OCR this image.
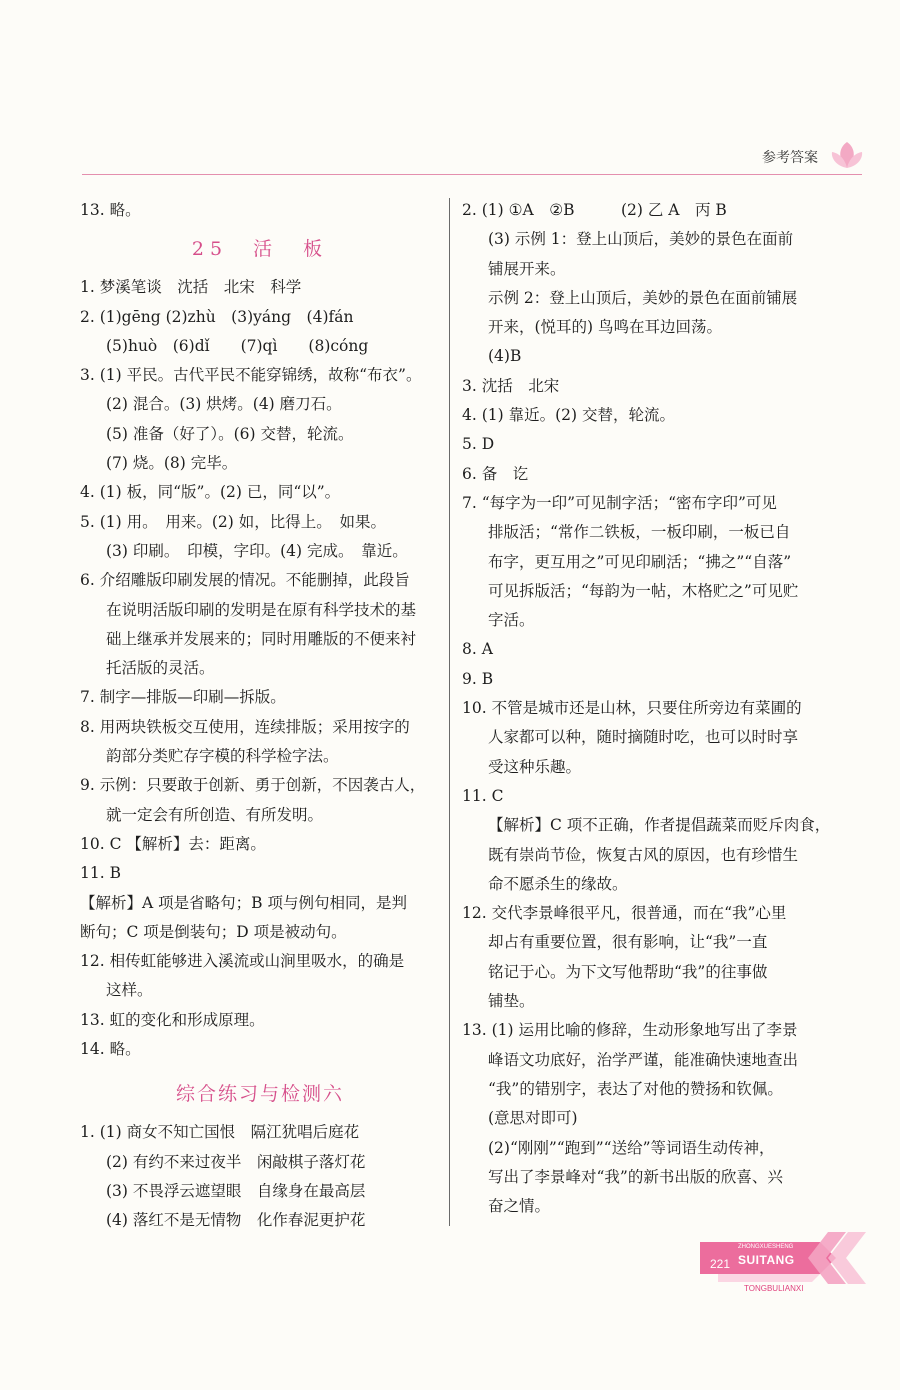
参考答案
13. 略。
25　活　板
1. 梦溪笔谈　沈括　北宋　科学
2. (1)gēng (2)zhù　(3)yáng　(4)fán
(5)huò　(6)dǐ　　(7)qì　　(8)cóng
3. (1) 平民。古代平民不能穿锦绣，故称“布衣”。
(2) 混合。(3) 烘烤。(4) 磨刀石。
(5) 准备（好了）。(6) 交替，轮流。
(7) 烧。(8) 完毕。
4. (1) 板，同“版”。(2) 已，同“以”。
5. (1) 用。　用来。(2) 如，比得上。　如果。
(3) 印刷。　印模，字印。(4) 完成。　靠近。
6. 介绍雕版印刷发展的情况。不能删掉，此段旨
在说明活版印刷的发明是在原有科学技术的基
础上继承并发展来的；同时用雕版的不便来衬
托活版的灵活。
7. 制字—排版—印刷—拆版。
8. 用两块铁板交互使用，连续排版；采用按字的
韵部分类贮存字模的科学检字法。
9. 示例：只要敢于创新、勇于创新，不因袭古人，
就一定会有所创造、有所发明。
10. C 【解析】去：距离。
11. B
【解析】A 项是省略句；B 项与例句相同，是判
断句；C 项是倒装句；D 项是被动句。
12. 相传虹能够进入溪流或山涧里吸水，的确是
这样。
13. 虹的变化和形成原理。
14. 略。
综合练习与检测六
1. (1) 商女不知亡国恨　隔江犹唱后庭花
(2) 有约不来过夜半　闲敲棋子落灯花
(3) 不畏浮云遮望眼　自缘身在最高层
(4) 落红不是无情物　化作春泥更护花
2. (1) ①A　②B　　　(2) 乙 A　丙 B
(3) 示例 1：登上山顶后，美妙的景色在面前
铺展开来。
示例 2：登上山顶后，美妙的景色在面前铺展
开来，(悦耳的) 鸟鸣在耳边回荡。
(4)B
3. 沈括　北宋
4. (1) 靠近。(2) 交替，轮流。
5. D
6. 备　讫
7. “每字为一印”可见制字活；“密布字印”可见
排版活；“常作二铁板，一板印刷，一板已自
布字，更互用之”可见印刷活；“拂之”“自落”
可见拆版活；“每韵为一帖，木格贮之”可见贮
字活。
8. A
9. B
10. 不管是城市还是山林，只要住所旁边有菜圃的
人家都可以种，随时摘随时吃，也可以时时享
受这种乐趣。
11. C
【解析】C 项不正确，作者提倡蔬菜而贬斥肉食，
既有崇尚节俭，恢复古风的原因，也有珍惜生
命不愿杀生的缘故。
12. 交代李景峰很平凡，很普通，而在“我”心里
却占有重要位置，很有影响，让“我”一直
铭记于心。为下文写他帮助“我”的往事做
铺垫。
13. (1) 运用比喻的修辞，生动形象地写出了李景
峰语文功底好，治学严谨，能准确快速地查出
“我”的错别字，表达了对他的赞扬和钦佩。
(意思对即可)
(2)“刚刚”“跑到”“送给”等词语生动传神，
写出了李景峰对“我”的新书出版的欣喜、兴
奋之情。
221
ZHONGXUESHENG
SUITANG
TONGBULIANXI
